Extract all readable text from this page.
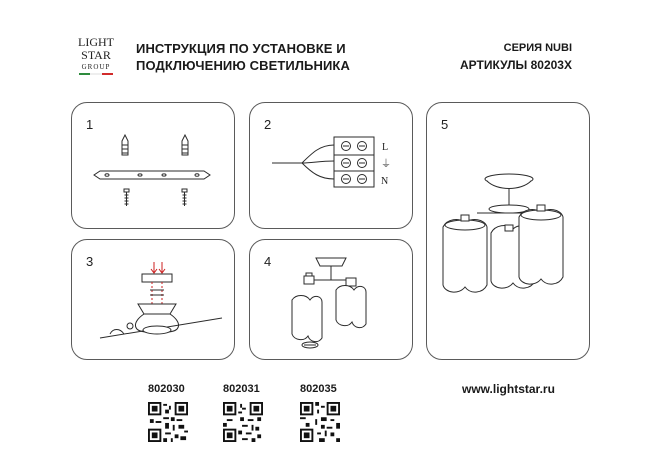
LIGHT
STAR
GROUP
ИНСТРУКЦИЯ ПО УСТАНОВКЕ И
ПОДКЛЮЧЕНИЮ СВЕТИЛЬНИКА
СЕРИЯ NUBI
АРТИКУЛЫ 80203X
1	2
L
⏚
N
3	4
5
802030	802031	802035	www.lightstar.ru
